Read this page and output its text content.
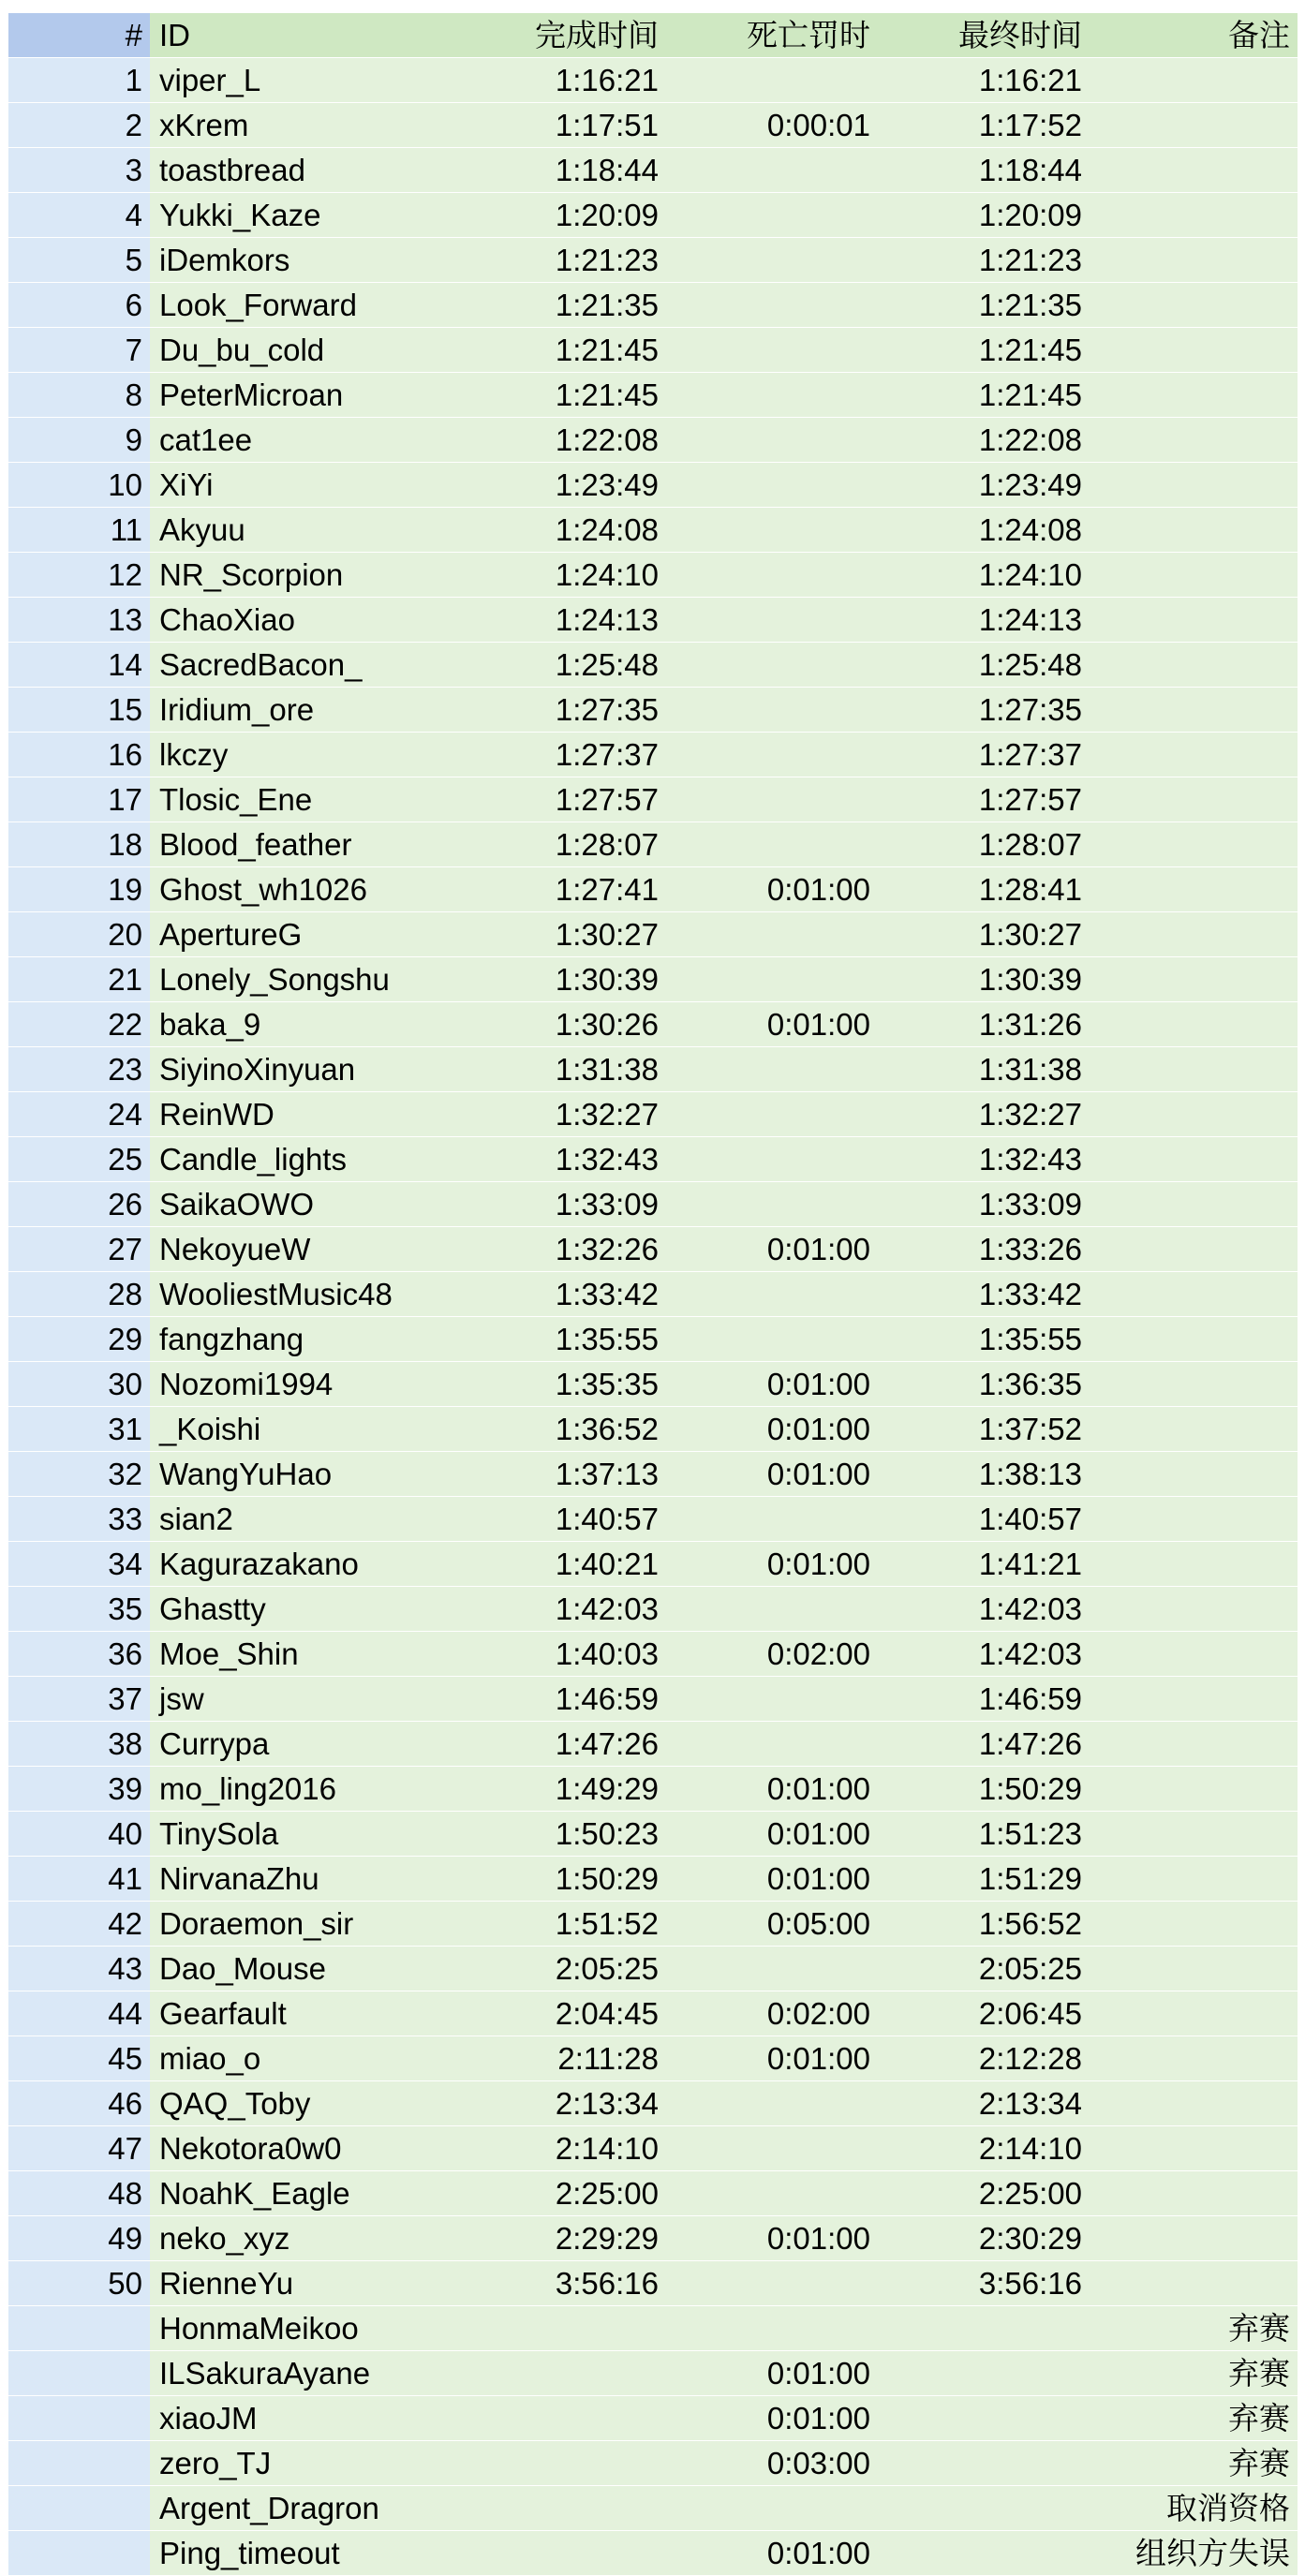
#	ID	完成时间	死亡罚时	最终时间	备注
1	viper_L	1:16:21		1:16:21	
2	xKrem	1:17:51	0:00:01	1:17:52	
3	toastbread	1:18:44		1:18:44	
4	Yukki_Kaze	1:20:09		1:20:09	
5	iDemkors	1:21:23		1:21:23	
6	Look_Forward	1:21:35		1:21:35	
7	Du_bu_cold	1:21:45		1:21:45	
8	PeterMicroan	1:21:45		1:21:45	
9	cat1ee	1:22:08		1:22:08	
10	XiYi	1:23:49		1:23:49	
11	Akyuu	1:24:08		1:24:08	
12	NR_Scorpion	1:24:10		1:24:10	
13	ChaoXiao	1:24:13		1:24:13	
14	SacredBacon_	1:25:48		1:25:48	
15	Iridium_ore	1:27:35		1:27:35	
16	lkczy	1:27:37		1:27:37	
17	Tlosic_Ene	1:27:57		1:27:57	
18	Blood_feather	1:28:07		1:28:07	
19	Ghost_wh1026	1:27:41	0:01:00	1:28:41	
20	ApertureG	1:30:27		1:30:27	
21	Lonely_Songshu	1:30:39		1:30:39	
22	baka_9	1:30:26	0:01:00	1:31:26	
23	SiyinoXinyuan	1:31:38		1:31:38	
24	ReinWD	1:32:27		1:32:27	
25	Candle_lights	1:32:43		1:32:43	
26	SaikaOWO	1:33:09		1:33:09	
27	NekoyueW	1:32:26	0:01:00	1:33:26	
28	WooliestMusic48	1:33:42		1:33:42	
29	fangzhang	1:35:55		1:35:55	
30	Nozomi1994	1:35:35	0:01:00	1:36:35	
31	_Koishi	1:36:52	0:01:00	1:37:52	
32	WangYuHao	1:37:13	0:01:00	1:38:13	
33	sian2	1:40:57		1:40:57	
34	Kagurazakano	1:40:21	0:01:00	1:41:21	
35	Ghastty	1:42:03		1:42:03	
36	Moe_Shin	1:40:03	0:02:00	1:42:03	
37	jsw	1:46:59		1:46:59	
38	Currypa	1:47:26		1:47:26	
39	mo_ling2016	1:49:29	0:01:00	1:50:29	
40	TinySola	1:50:23	0:01:00	1:51:23	
41	NirvanaZhu	1:50:29	0:01:00	1:51:29	
42	Doraemon_sir	1:51:52	0:05:00	1:56:52	
43	Dao_Mouse	2:05:25		2:05:25	
44	Gearfault	2:04:45	0:02:00	2:06:45	
45	miao_o	2:11:28	0:01:00	2:12:28	
46	QAQ_Toby	2:13:34		2:13:34	
47	Nekotora0w0	2:14:10		2:14:10	
48	NoahK_Eagle	2:25:00		2:25:00	
49	neko_xyz	2:29:29	0:01:00	2:30:29	
50	RienneYu	3:56:16		3:56:16	
	HonmaMeikoo				弃赛
	ILSakuraAyane		0:01:00		弃赛
	xiaoJM		0:01:00		弃赛
	zero_TJ		0:03:00		弃赛
	Argent_Dragron				取消资格
	Ping_timeout		0:01:00		组织方失误
